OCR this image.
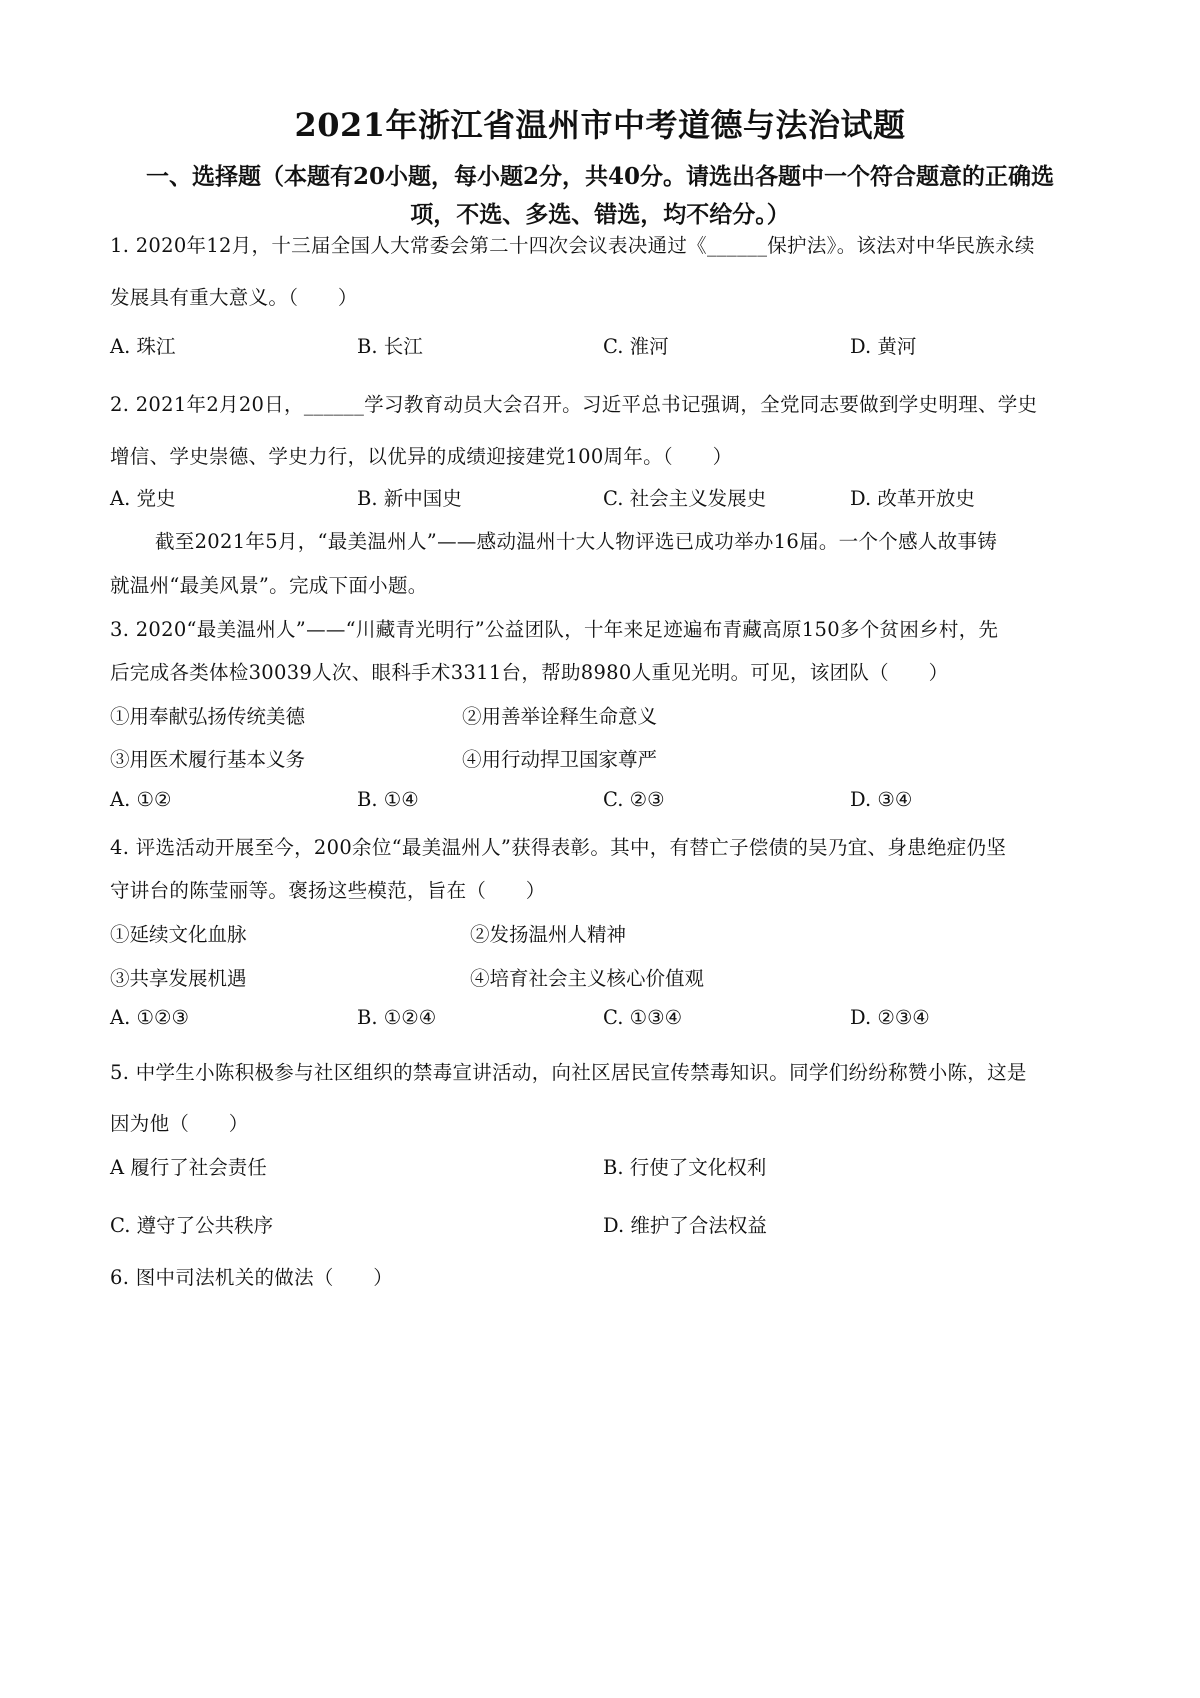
2021年浙江省温州市中考道德与法治试题
一、选择题（本题有20小题，每小题2分，共40分。请选出各题中一个符合题意的正确选
项，不选、多选、错选，均不给分。）
1. 2020年12月，十三届全国人大常委会第二十四次会议表决通过《______保护法》。该法对中华民族永续
发展具有重大意义。（　　）
A. 珠江	B. 长江	C. 淮河	D. 黄河
2. 2021年2月20日，______学习教育动员大会召开。习近平总书记强调，全党同志要做到学史明理、学史
增信、学史崇德、学史力行，以优异的成绩迎接建党100周年。（　　）
A. 党史	B. 新中国史	C. 社会主义发展史	D. 改革开放史
截至2021年5月，“最美温州人”——感动温州十大人物评选已成功举办16届。一个个感人故事铸
就温州“最美风景”。完成下面小题。
3. 2020“最美温州人”——“川藏青光明行”公益团队，十年来足迹遍布青藏高原150多个贫困乡村，先
后完成各类体检30039人次、眼科手术3311台，帮助8980人重见光明。可见，该团队（　　）
①用奉献弘扬传统美德	②用善举诠释生命意义
③用医术履行基本义务	④用行动捍卫国家尊严
A. ①②	B. ①④	C. ②③	D. ③④
4. 评选活动开展至今，200余位“最美温州人”获得表彰。其中，有替亡子偿债的吴乃宜、身患绝症仍坚
守讲台的陈莹丽等。褒扬这些模范，旨在（　　）
①延续文化血脉	②发扬温州人精神
③共享发展机遇	④培育社会主义核心价值观
A. ①②③	B. ①②④	C. ①③④	D. ②③④
5. 中学生小陈积极参与社区组织的禁毒宣讲活动，向社区居民宣传禁毒知识。同学们纷纷称赞小陈，这是
因为他（　　）
A 履行了社会责任	B. 行使了文化权利
C. 遵守了公共秩序	D. 维护了合法权益
6. 图中司法机关的做法（　　）
